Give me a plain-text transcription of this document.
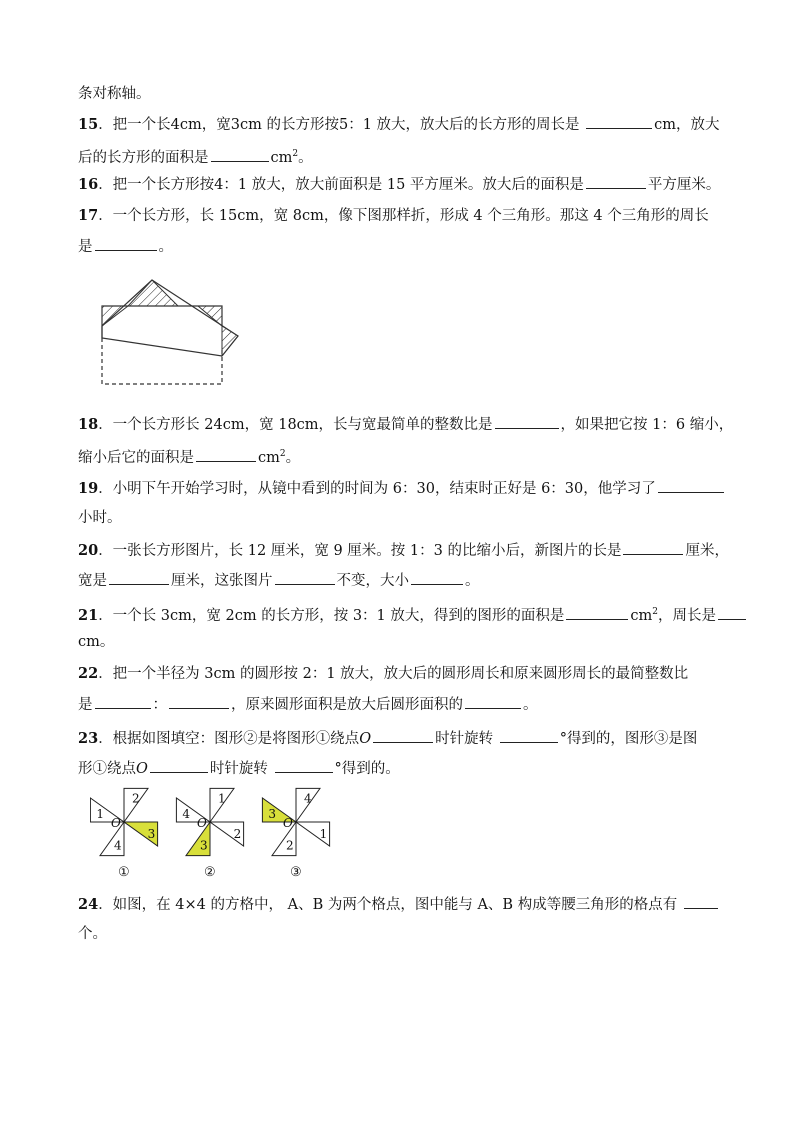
条对称轴。
15．把一个长4cm，宽3cm 的长方形按5：1 放大，放大后的长方形的周长是	cm，放大
后的长方形的面积是	$cm^2$。
16．把一个长方形按4：1 放大，放大前面积是 15 平方厘米。放大后的面积是	平方厘米。
17．一个长方形，长 15cm，宽 8cm，像下图那样折，形成 4 个三角形。那这 4 个三角形的周长
是	。
18．一个长方形长 24cm，宽 18cm，长与宽最简单的整数比是	，如果把它按 1：6 缩小，
缩小后它的面积是	$cm^2$。
19．小明下午开始学习时，从镜中看到的时间为 6：30，结束时正好是 6：30，他学习了
小时。
20．一张长方形图片，长 12 厘米，宽 9 厘米。按 1：3 的比缩小后，新图片的长是	厘米，
宽是	厘米，这张图片	不变，大小	。
21．一个长 3cm，宽 2cm 的长方形，按 3：1 放大，得到的图形的面积是	$cm^2$，周长是
cm。
22．把一个半径为 3cm 的圆形按 2：1 放大，放大后的圆形周长和原来圆形周长的最简整数比
是	：	，原来圆形面积是放大后圆形面积的	。
23．根据如图填空：图形②是将图形①绕点O	时针旋转	°得到的，图形③是图
形①绕点O	时针旋转	°得到的。
2
3
4
1
O
①
1
2
3
4
O
②
4
1
2
3
O
③
24．如图，在 4×4 的方格中， A、B 为两个格点，图中能与 A、B 构成等腰三角形的格点有
个。
